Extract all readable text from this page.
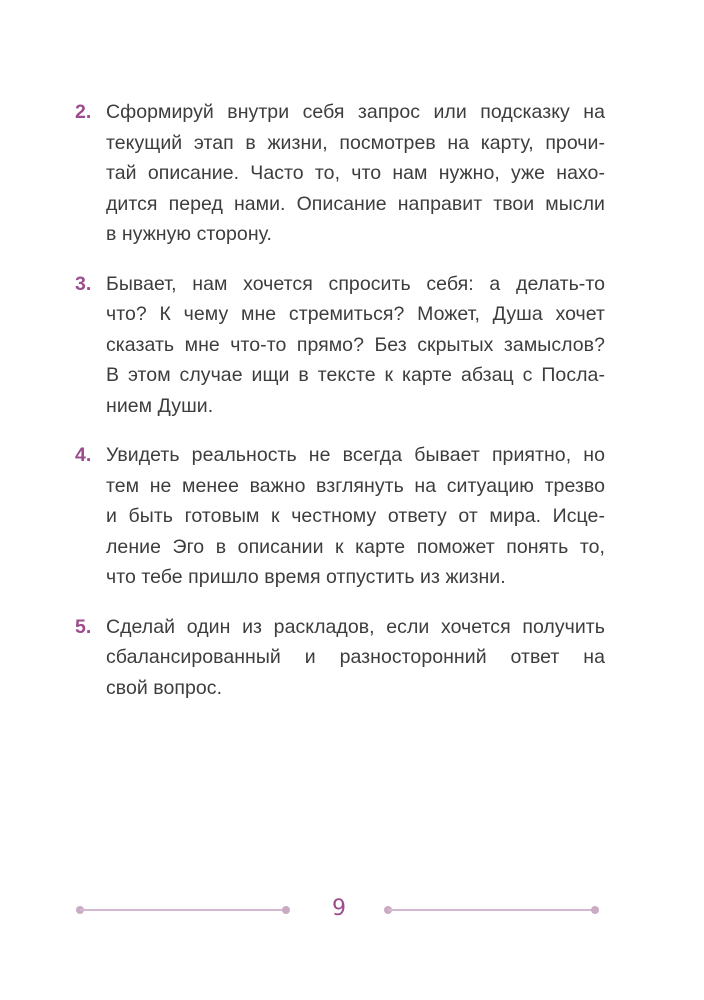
2. Сформируй внутри себя запрос или подсказку на
текущий этап в жизни, посмотрев на карту, прочи-
тай описание. Часто то, что нам нужно, уже нахо-
дится перед нами. Описание направит твои мысли
в нужную сторону.
3. Бывает, нам хочется спросить себя: а делать-то
что? К чему мне стремиться? Может, Душа хочет
сказать мне что-то прямо? Без скрытых замыслов?
В этом случае ищи в тексте к карте абзац с Посла-
нием Души.
4. Увидеть реальность не всегда бывает приятно, но
тем не менее важно взглянуть на ситуацию трезво
и быть готовым к честному ответу от мира. Исце-
ление Эго в описании к карте поможет понять то,
что тебе пришло время отпустить из жизни.
5. Сделай один из раскладов, если хочется получить
сбалансированный и разносторонний ответ на
свой вопрос.
9
